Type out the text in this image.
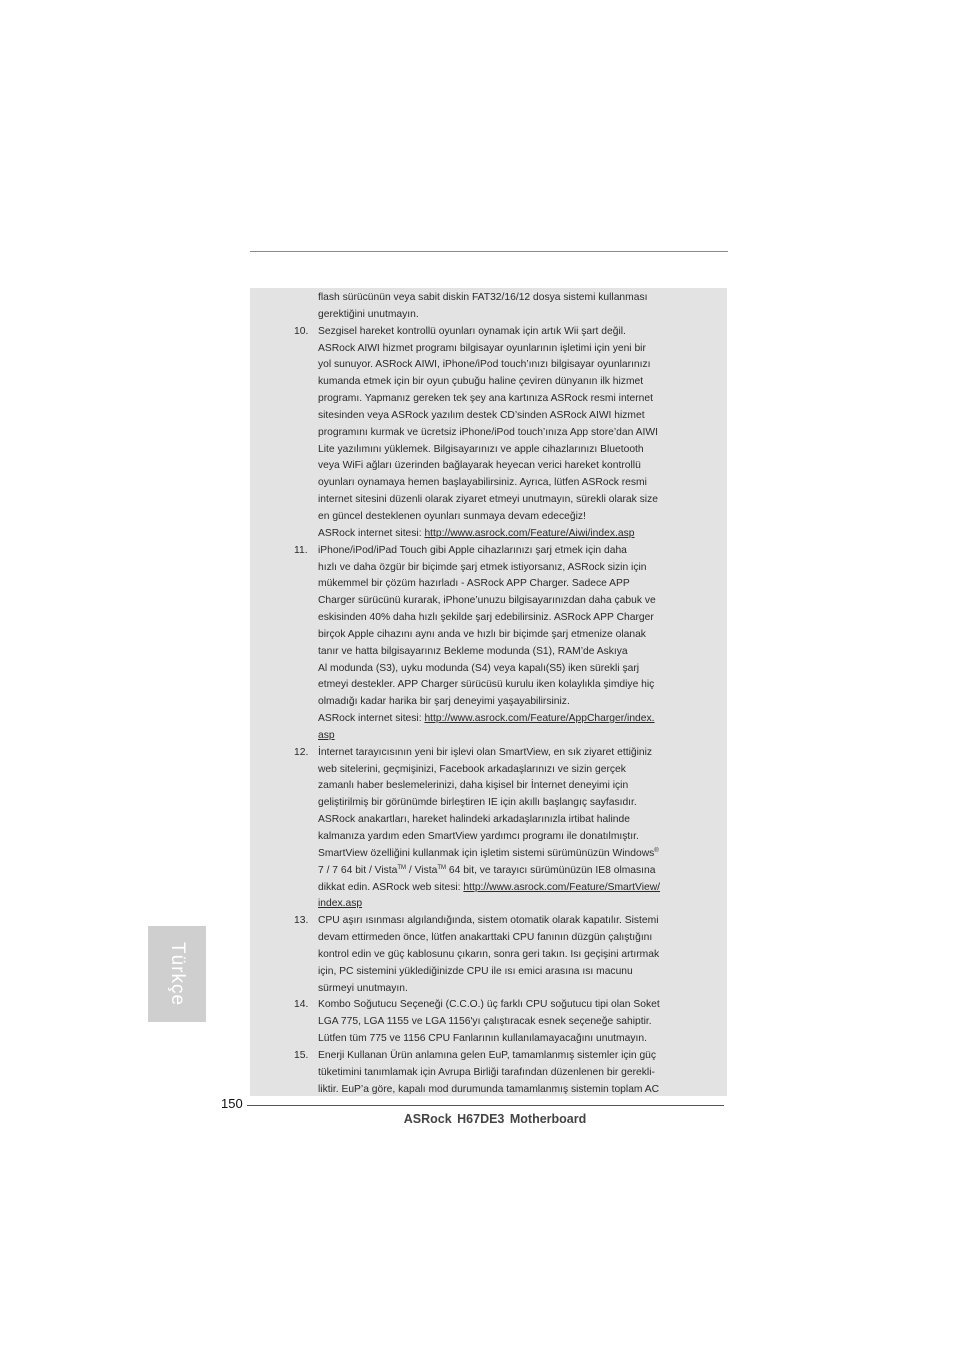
flash sürücünün veya sabit diskin FAT32/16/12 dosya sistemi kullanması
gerektiğini unutmayın.
10. Sezgisel hareket kontrollü oyunları oynamak için artık Wii şart değil.
ASRock AIWI hizmet programı bilgisayar oyunlarının işletimi için yeni bir
yol sunuyor. ASRock AIWI, iPhone/iPod touch’ınızı bilgisayar oyunlarınızı
kumanda etmek için bir oyun çubuğu haline çeviren dünyanın ilk hizmet
programı. Yapmanız gereken tek şey ana kartınıza ASRock resmi internet
sitesinden veya ASRock yazılım destek CD’sinden ASRock AIWI hizmet
programını kurmak ve ücretsiz iPhone/iPod touch’ınıza App store’dan AIWI
Lite yazılımını yüklemek. Bilgisayarınızı ve apple cihazlarınızı Bluetooth
veya WiFi ağları üzerinden bağlayarak heyecan verici hareket kontrollü
oyunları oynamaya hemen başlayabilirsiniz. Ayrıca, lütfen ASRock resmi
internet sitesini düzenli olarak ziyaret etmeyi unutmayın, sürekli olarak size
en güncel desteklenen oyunları sunmaya devam edeceğiz!
ASRock internet sitesi: http://www.asrock.com/Feature/Aiwi/index.asp
11.	iPhone/iPod/iPad Touch gibi Apple cihazlarınızı şarj etmek için daha
hızlı ve daha özgür bir biçimde şarj etmek istiyorsanız, ASRock sizin için
mükemmel bir çözüm hazırladı - ASRock APP Charger. Sadece APP
Charger sürücünü kurarak, iPhone’unuzu bilgisayarınızdan daha çabuk ve
eskisinden 40% daha hızlı şekilde şarj edebilirsiniz. ASRock APP Charger
birçok Apple cihazını aynı anda ve hızlı bir biçimde şarj etmenize olanak
tanır ve hatta bilgisayarınız Bekleme modunda (S1), RAM’de Askıya
Al modunda (S3), uyku modunda (S4) veya kapalı(S5) iken sürekli şarj
etmeyi destekler. APP Charger sürücüsü kurulu iken kolaylıkla şimdiye hiç
olmadığı kadar harika bir şarj deneyimi yaşayabilirsiniz.
ASRock internet sitesi: http://www.asrock.com/Feature/AppCharger/index.
asp
12. İnternet tarayıcısının yeni bir işlevi olan SmartView, en sık ziyaret ettiğiniz
web sitelerini, geçmişinizi, Facebook arkadaşlarınızı ve sizin gerçek
zamanlı haber beslemelerinizi, daha kişisel bir İnternet deneyimi için
geliştirilmiş bir görünümde birleştiren IE için akıllı başlangıç sayfasıdır.
ASRock anakartları, hareket halindeki arkadaşlarınızla irtibat halinde
kalmanıza yardım eden SmartView yardımcı programı ile donatılmıştır.
SmartView özelliğini kullanmak için işletim sistemi sürümünüzün Windows®
7 / 7 64 bit / Vista™ / Vista™ 64 bit, ve tarayıcı sürümünüzün IE8 olmasına
dikkat edin. ASRock web sitesi: http://www.asrock.com/Feature/SmartView/
index.asp
13. CPU aşırı ısınması algılandığında, sistem otomatik olarak kapatılır. Sistemi
devam ettirmeden önce, lütfen anakarttaki CPU fanının düzgün çalıştığını
kontrol edin ve güç kablosunu çıkarın, sonra geri takın. Isı geçişini artırmak
için, PC sistemini yüklediğinizde CPU ile ısı emici arasına ısı macunu
sürmeyi unutmayın.
14. Kombo Soğutucu Seçeneği (C.C.O.) üç farklı CPU soğutucu tipi olan Soket
LGA 775, LGA 1155 ve LGA 1156'yı çalıştıracak esnek seçeneğe sahiptir.
Lütfen tüm 775 ve 1156 CPU Fanlarının kullanılamayacağını unutmayın.
15. Enerji Kullanan Ürün anlamına gelen EuP, tamamlanmış sistemler için güç
tüketimini tanımlamak için Avrupa Birliği tarafından düzenlenen bir gerekli-
liktir. EuP’a göre, kapalı mod durumunda tamamlanmış sistemin toplam AC
Türkçe
150
ASRock H67DE3 Motherboard
